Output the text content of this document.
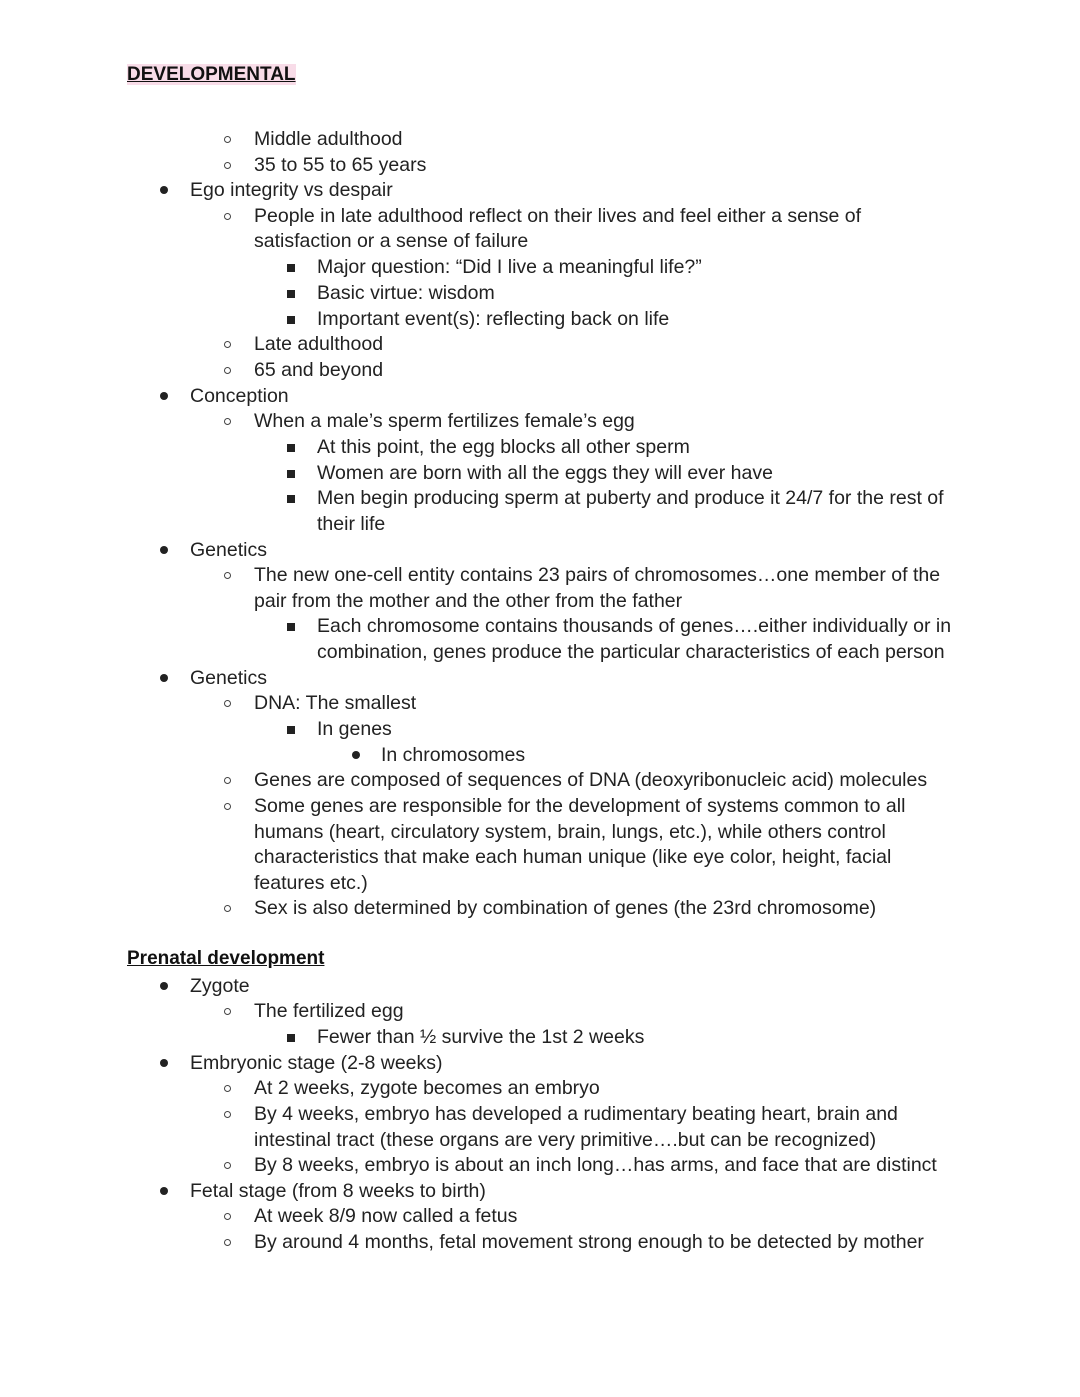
DEVELOPMENTAL
Prenatal development
Middle adulthood
35 to 55 to 65 years
Ego integrity vs despair
People in late adulthood reflect on their lives and feel either a sense of
satisfaction or a sense of failure
Major question: “Did I live a meaningful life?”
Basic virtue: wisdom
Important event(s): reflecting back on life
Late adulthood
65 and beyond
Conception
When a male’s sperm fertilizes female’s egg
At this point, the egg blocks all other sperm
Women are born with all the eggs they will ever have
Men begin producing sperm at puberty and produce it 24/7 for the rest of
their life
Genetics
The new one-cell entity contains 23 pairs of chromosomes…one member of the
pair from the mother and the other from the father
Each chromosome contains thousands of genes….either individually or in
combination, genes produce the particular characteristics of each person
Genetics
DNA: The smallest
In genes
In chromosomes
Genes are composed of sequences of DNA (deoxyribonucleic acid) molecules
Some genes are responsible for the development of systems common to all
humans (heart, circulatory system, brain, lungs, etc.), while others control
characteristics that make each human unique (like eye color, height, facial
features etc.)
Sex is also determined by combination of genes (the 23rd chromosome)
Zygote
The fertilized egg
Fewer than ½ survive the 1st 2 weeks
Embryonic stage (2-8 weeks)
At 2 weeks, zygote becomes an embryo
By 4 weeks, embryo has developed a rudimentary beating heart, brain and
intestinal tract (these organs are very primitive….but can be recognized)
By 8 weeks, embryo is about an inch long…has arms, and face that are distinct
Fetal stage (from 8 weeks to birth)
At week 8/9 now called a fetus
By around 4 months, fetal movement strong enough to be detected by mother
